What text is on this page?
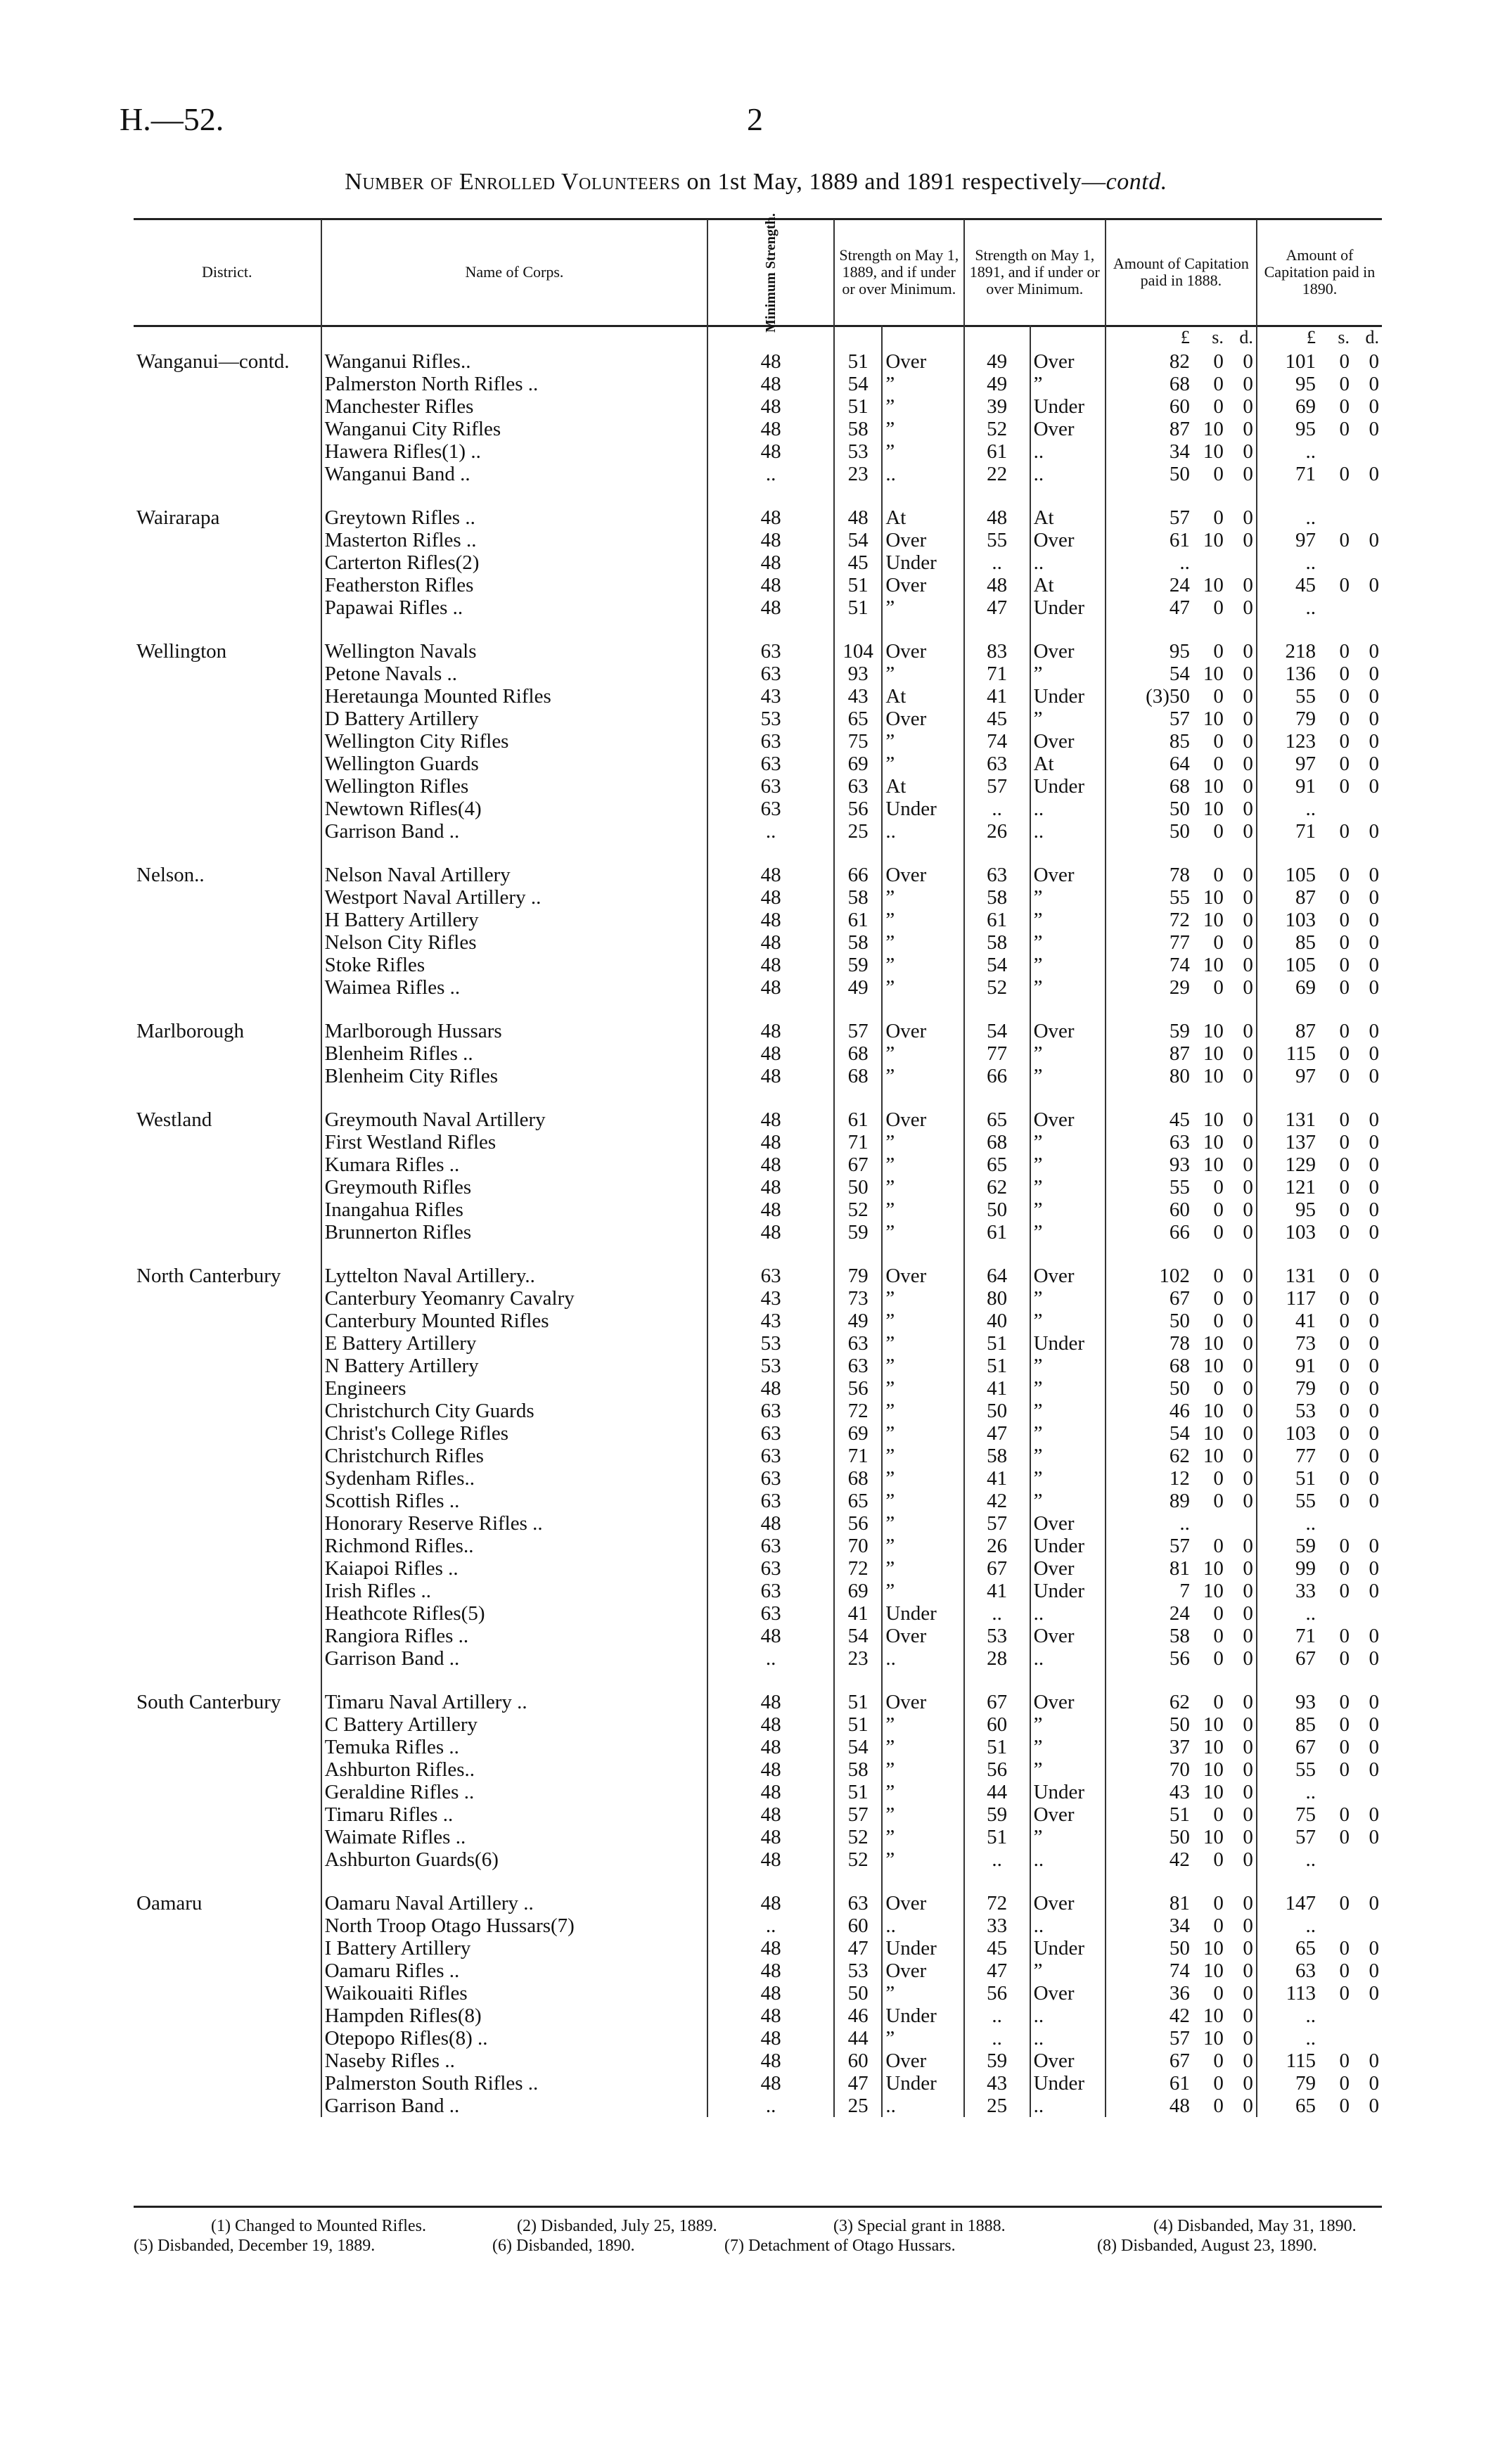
H.—52.	2
Number of Enrolled Volunteers on 1st May, 1889 and 1891 respectively—contd.
District.	Name of Corps.	Minimum Strength.	Strength on May 1, 1889, and if under or over Minimum.		Strength on May 1, 1891, and if under or over Minimum.		Amount of Capitation paid in 1888.	Amount of Capitation paid in 1890.

							£ s. d.	£ s. d.

Wanganui—contd.	Wanganui Rifles..	48	51	Over	49	Over	82 0 0	101 0 0

	Palmerston North Rifles ..	48	54	”	49	”	68 0 0	95 0 0

	Manchester Rifles	48	51	”	39	Under	60 0 0	69 0 0

	Wanganui City Rifles	48	58	”	52	Over	87 10 0	95 0 0

	Hawera Rifles(1) ..	48	53	”	61	..	34 10 0	..

	Wanganui Band ..	..	23	..	22	..	50 0 0	71 0 0

Wairarapa	Greytown Rifles ..	48	48	At	48	At	57 0 0	..

	Masterton Rifles ..	48	54	Over	55	Over	61 10 0	97 0 0

	Carterton Rifles(2)	48	45	Under	..	..	..	..

	Featherston Rifles	48	51	Over	48	At	24 10 0	45 0 0

	Papawai Rifles ..	48	51	”	47	Under	47 0 0	..

Wellington	Wellington Navals	63	104	Over	83	Over	95 0 0	218 0 0

	Petone Navals ..	63	93	”	71	”	54 10 0	136 0 0

	Heretaunga Mounted Rifles	43	43	At	41	Under	(3)50 0 0	55 0 0

	D Battery Artillery	53	65	Over	45	”	57 10 0	79 0 0

	Wellington City Rifles	63	75	”	74	Over	85 0 0	123 0 0

	Wellington Guards	63	69	”	63	At	64 0 0	97 0 0

	Wellington Rifles	63	63	At	57	Under	68 10 0	91 0 0

	Newtown Rifles(4)	63	56	Under	..	..	50 10 0	..

	Garrison Band ..	..	25	..	26	..	50 0 0	71 0 0

Nelson..	Nelson Naval Artillery	48	66	Over	63	Over	78 0 0	105 0 0

	Westport Naval Artillery ..	48	58	”	58	”	55 10 0	87 0 0

	H Battery Artillery	48	61	”	61	”	72 10 0	103 0 0

	Nelson City Rifles	48	58	”	58	”	77 0 0	85 0 0

	Stoke Rifles	48	59	”	54	”	74 10 0	105 0 0

	Waimea Rifles ..	48	49	”	52	”	29 0 0	69 0 0

Marlborough	Marlborough Hussars	48	57	Over	54	Over	59 10 0	87 0 0

	Blenheim Rifles ..	48	68	”	77	”	87 10 0	115 0 0

	Blenheim City Rifles	48	68	”	66	”	80 10 0	97 0 0

Westland	Greymouth Naval Artillery	48	61	Over	65	Over	45 10 0	131 0 0

	First Westland Rifles	48	71	”	68	”	63 10 0	137 0 0

	Kumara Rifles ..	48	67	”	65	”	93 10 0	129 0 0

	Greymouth Rifles	48	50	”	62	”	55 0 0	121 0 0

	Inangahua Rifles	48	52	”	50	”	60 0 0	95 0 0

	Brunnerton Rifles	48	59	”	61	”	66 0 0	103 0 0

North Canterbury	Lyttelton Naval Artillery..	63	79	Over	64	Over	102 0 0	131 0 0

	Canterbury Yeomanry Cavalry	43	73	”	80	”	67 0 0	117 0 0

	Canterbury Mounted Rifles	43	49	”	40	”	50 0 0	41 0 0

	E Battery Artillery	53	63	”	51	Under	78 10 0	73 0 0

	N Battery Artillery	53	63	”	51	”	68 10 0	91 0 0

	Engineers	48	56	”	41	”	50 0 0	79 0 0

	Christchurch City Guards	63	72	”	50	”	46 10 0	53 0 0

	Christ's College Rifles	63	69	”	47	”	54 10 0	103 0 0

	Christchurch Rifles	63	71	”	58	”	62 10 0	77 0 0

	Sydenham Rifles..	63	68	”	41	”	12 0 0	51 0 0

	Scottish Rifles ..	63	65	”	42	”	89 0 0	55 0 0

	Honorary Reserve Rifles ..	48	56	”	57	Over	..	..

	Richmond Rifles..	63	70	”	26	Under	57 0 0	59 0 0

	Kaiapoi Rifles ..	63	72	”	67	Over	81 10 0	99 0 0

	Irish Rifles ..	63	69	”	41	Under	7 10 0	33 0 0

	Heathcote Rifles(5)	63	41	Under	..	..	24 0 0	..

	Rangiora Rifles ..	48	54	Over	53	Over	58 0 0	71 0 0

	Garrison Band ..	..	23	..	28	..	56 0 0	67 0 0

South Canterbury	Timaru Naval Artillery ..	48	51	Over	67	Over	62 0 0	93 0 0

	C Battery Artillery	48	51	”	60	”	50 10 0	85 0 0

	Temuka Rifles ..	48	54	”	51	”	37 10 0	67 0 0

	Ashburton Rifles..	48	58	”	56	”	70 10 0	55 0 0

	Geraldine Rifles ..	48	51	”	44	Under	43 10 0	..

	Timaru Rifles ..	48	57	”	59	Over	51 0 0	75 0 0

	Waimate Rifles ..	48	52	”	51	”	50 10 0	57 0 0

	Ashburton Guards(6)	48	52	”	..	..	42 0 0	..

Oamaru	Oamaru Naval Artillery ..	48	63	Over	72	Over	81 0 0	147 0 0

	North Troop Otago Hussars(7)	..	60	..	33	..	34 0 0	..

	I Battery Artillery	48	47	Under	45	Under	50 10 0	65 0 0

	Oamaru Rifles ..	48	53	Over	47	”	74 10 0	63 0 0

	Waikouaiti Rifles	48	50	”	56	Over	36 0 0	113 0 0

	Hampden Rifles(8)	48	46	Under	..	..	42 10 0	..

	Otepopo Rifles(8) ..	48	44	”	..	..	57 10 0	..

	Naseby Rifles ..	48	60	Over	59	Over	67 0 0	115 0 0

	Palmerston South Rifles ..	48	47	Under	43	Under	61 0 0	79 0 0

	Garrison Band ..	..	25	..	25	..	48 0 0	65 0 0
(1) Changed to Mounted Rifles.	(2) Disbanded, July 25, 1889.	(3) Special grant in 1888.	(4) Disbanded, May 31, 1890.
(5) Disbanded, December 19, 1889.	(6) Disbanded, 1890.	(7) Detachment of Otago Hussars.	(8) Disbanded, August 23, 1890.
